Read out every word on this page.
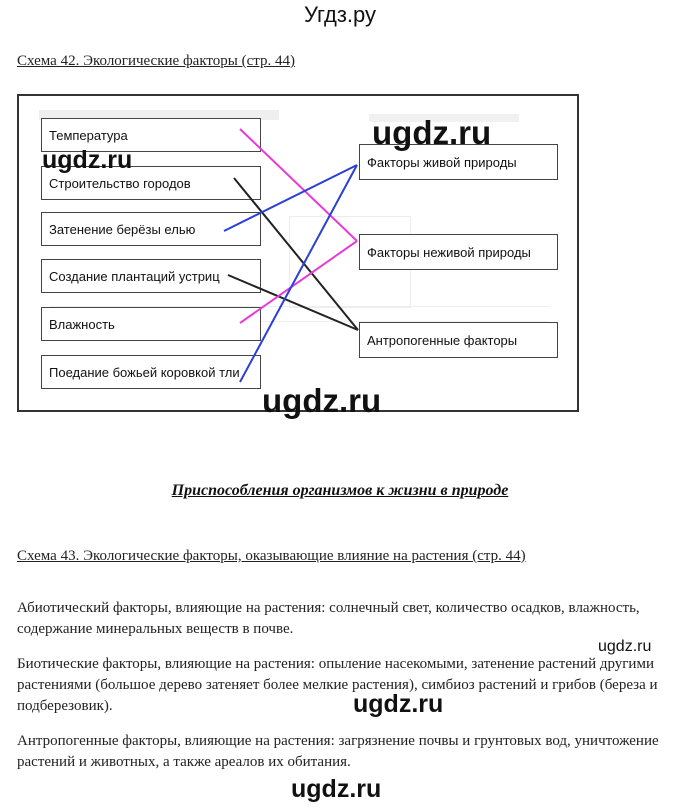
Угдз.ру
Схема 42. Экологические факторы (стр. 44)
Температура
Строительство городов
Затенение берёзы елью
Создание плантаций устриц
Влажность
Поедание божьей коровкой тли
Факторы живой природы
Факторы неживой природы
Антропогенные факторы
ugdz.ru
ugdz.ru
ugdz.ru
ugdz.ru
ugdz.ru
ugdz.ru
Приспособления организмов к жизни в природе
Схема 43. Экологические факторы, оказывающие влияние на растения (стр. 44)
Абиотический факторы, влияющие на растения: солнечный свет, количество осадков, влажность, содержание минеральных веществ в почве.
Биотические факторы, влияющие на растения: опыление насекомыми, затенение растений другими растениями (большое дерево затеняет более мелкие растения), симбиоз растений и грибов (береза и подберезовик).
Антропогенные факторы, влияющие на растения: загрязнение почвы и грунтовых вод, уничтожение растений и животных, а также ареалов их обитания.
